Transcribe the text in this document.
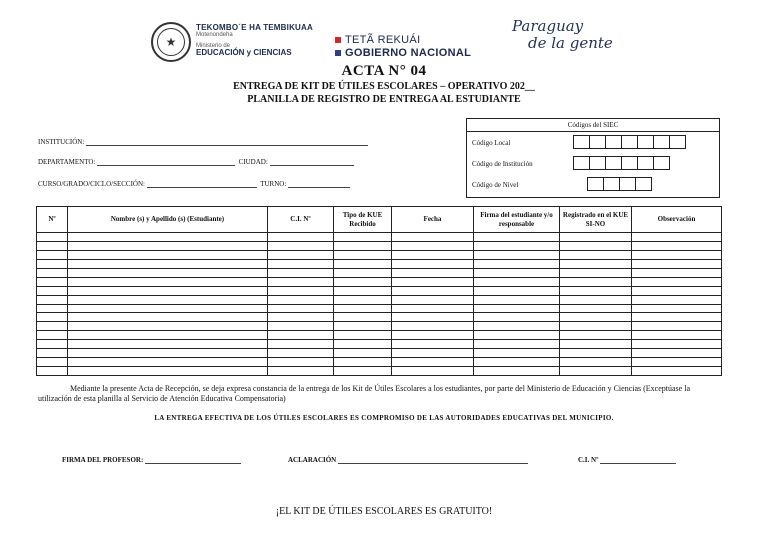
★
TEKOMBO´E HA TEMBIKUAA
Motenondeha
Ministerio de
EDUCACIÓN y CIENCIAS
TETÃ REKUÁI
GOBIERNO NACIONAL
Paraguay
de la gente
ACTA N° 04
ENTREGA DE KIT DE ÚTILES ESCOLARES – OPERATIVO 202__
PLANILLA DE REGISTRO DE ENTREGA AL ESTUDIANTE
Códigos del SIEC
Código Local
Código de Institución
Código de Nivel
INSTITUCIÓN:
DEPARTAMENTO:	CIUDAD:
CURSO/GRADO/CICLO/SECCIÓN:	TURNO:
Nº	Nombre (s) y Apellido (s) (Estudiante)	C.I. Nº	Tipo de KUE Recibido	Fecha	Firma del estudiante y/o responsable	Registrado en el KUE SI-NO	Observación

Mediante la presente Acta de Recepción, se deja expresa constancia de la entrega de los Kit de Útiles Escolares a los estudiantes, por parte del Ministerio de Educación y Ciencias (Exceptúase la utilización de esta planilla al Servicio de Atención Educativa Compensatoria)
LA ENTREGA EFECTIVA DE LOS ÚTILES ESCOLARES ES COMPROMISO DE LAS AUTORIDADES EDUCATIVAS DEL MUNICIPIO.
FIRMA DEL PROFESOR:	ACLARACIÓN	C.I. Nº
¡EL KIT DE ÚTILES ESCOLARES ES GRATUITO!
